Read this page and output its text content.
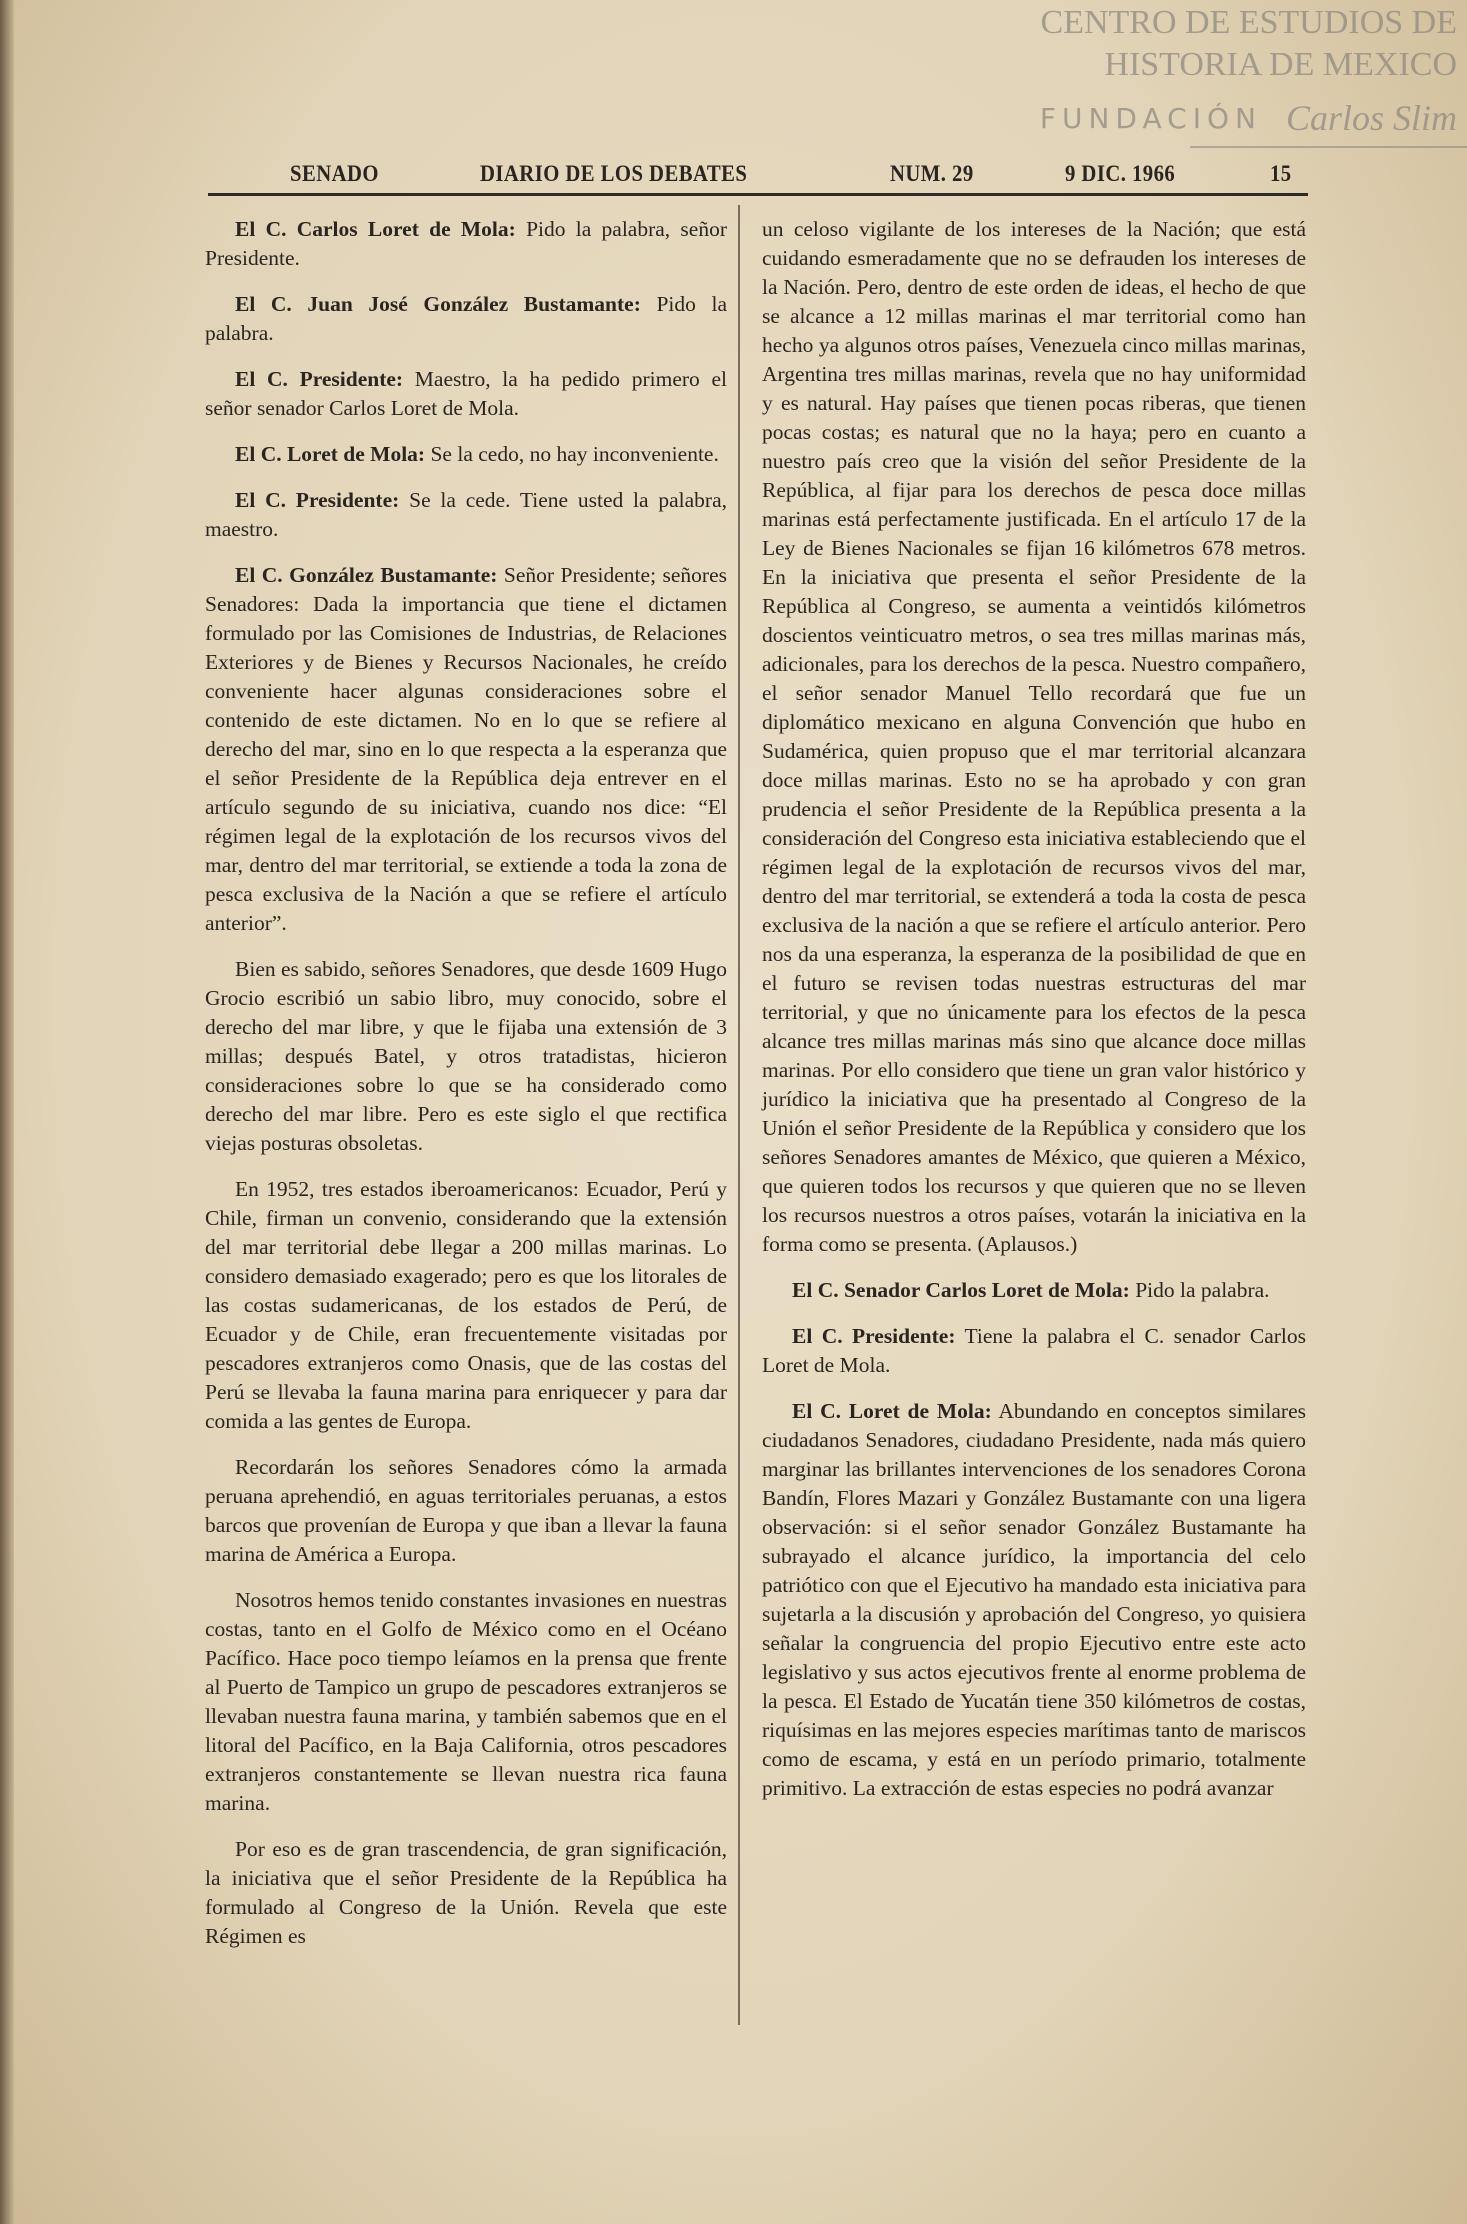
CENTRO DE ESTUDIOS DE HISTORIA DE MEXICO
FUNDACIÓN Carlos Slim
SENADO	DIARIO DE LOS DEBATES	NUM. 29	9 DIC. 1966	15

El C. Carlos Loret de Mola: Pido la palabra, señor Presidente.

El C. Juan José González Bustamante: Pido la palabra.

El C. Presidente: Maestro, la ha pedido primero el señor senador Carlos Loret de Mola.

El C. Loret de Mola: Se la cedo, no hay inconveniente.

El C. Presidente: Se la cede. Tiene usted la palabra, maestro.

El C. González Bustamante: Señor Presidente; señores Senadores: Dada la importancia que tiene el dictamen formulado por las Comisiones de Industrias, de Relaciones Exteriores y de Bienes y Recursos Nacionales, he creído conveniente hacer algunas consideraciones sobre el contenido de este dictamen. No en lo que se refiere al derecho del mar, sino en lo que respecta a la esperanza que el señor Presidente de la República deja entrever en el artículo segundo de su iniciativa, cuando nos dice: “El régimen legal de la explotación de los recursos vivos del mar, dentro del mar territorial, se extiende a toda la zona de pesca exclusiva de la Nación a que se refiere el artículo anterior”.

Bien es sabido, señores Senadores, que desde 1609 Hugo Grocio escribió un sabio libro, muy conocido, sobre el derecho del mar libre, y que le fijaba una extensión de 3 millas; después Batel, y otros tratadistas, hicieron consideraciones sobre lo que se ha considerado como derecho del mar libre. Pero es este siglo el que rectifica viejas posturas obsoletas.

En 1952, tres estados iberoamericanos: Ecuador, Perú y Chile, firman un convenio, considerando que la extensión del mar territorial debe llegar a 200 millas marinas. Lo considero demasiado exagerado; pero es que los litorales de las costas sudamericanas, de los estados de Perú, de Ecuador y de Chile, eran frecuentemente visitadas por pescadores extranjeros como Onasis, que de las costas del Perú se llevaba la fauna marina para enriquecer y para dar comida a las gentes de Europa.

Recordarán los señores Senadores cómo la armada peruana aprehendió, en aguas territoriales peruanas, a estos barcos que provenían de Europa y que iban a llevar la fauna marina de América a Europa.

Nosotros hemos tenido constantes invasiones en nuestras costas, tanto en el Golfo de México como en el Océano Pacífico. Hace poco tiempo leíamos en la prensa que frente al Puerto de Tampico un grupo de pescadores extranjeros se llevaban nuestra fauna marina, y también sabemos que en el litoral del Pacífico, en la Baja California, otros pescadores extranjeros constantemente se llevan nuestra rica fauna marina.

Por eso es de gran trascendencia, de gran significación, la iniciativa que el señor Presidente de la República ha formulado al Congreso de la Unión. Revela que este Régimen es

un celoso vigilante de los intereses de la Nación; que está cuidando esmeradamente que no se defrauden los intereses de la Nación. Pero, dentro de este orden de ideas, el hecho de que se alcance a 12 millas marinas el mar territorial como han hecho ya algunos otros países, Venezuela cinco millas marinas, Argentina tres millas marinas, revela que no hay uniformidad y es natural. Hay países que tienen pocas riberas, que tienen pocas costas; es natural que no la haya; pero en cuanto a nuestro país creo que la visión del señor Presidente de la República, al fijar para los derechos de pesca doce millas marinas está perfectamente justificada. En el artículo 17 de la Ley de Bienes Nacionales se fijan 16 kilómetros 678 metros. En la iniciativa que presenta el señor Presidente de la República al Congreso, se aumenta a veintidós kilómetros doscientos veinticuatro metros, o sea tres millas marinas más, adicionales, para los derechos de la pesca. Nuestro compañero, el señor senador Manuel Tello recordará que fue un diplomático mexicano en alguna Convención que hubo en Sudamérica, quien propuso que el mar territorial alcanzara doce millas marinas. Esto no se ha aprobado y con gran prudencia el señor Presidente de la República presenta a la consideración del Congreso esta iniciativa estableciendo que el régimen legal de la explotación de recursos vivos del mar, dentro del mar territorial, se extenderá a toda la costa de pesca exclusiva de la nación a que se refiere el artículo anterior. Pero nos da una esperanza, la esperanza de la posibilidad de que en el futuro se revisen todas nuestras estructuras del mar territorial, y que no únicamente para los efectos de la pesca alcance tres millas marinas más sino que alcance doce millas marinas. Por ello considero que tiene un gran valor histórico y jurídico la iniciativa que ha presentado al Congreso de la Unión el señor Presidente de la República y considero que los señores Senadores amantes de México, que quieren a México, que quieren todos los recursos y que quieren que no se lleven los recursos nuestros a otros países, votarán la iniciativa en la forma como se presenta. (Aplausos.)

El C. Senador Carlos Loret de Mola: Pido la palabra.

El C. Presidente: Tiene la palabra el C. senador Carlos Loret de Mola.

El C. Loret de Mola: Abundando en conceptos similares ciudadanos Senadores, ciudadano Presidente, nada más quiero marginar las brillantes intervenciones de los senadores Corona Bandín, Flores Mazari y González Bustamante con una ligera observación: si el señor senador González Bustamante ha subrayado el alcance jurídico, la importancia del celo patriótico con que el Ejecutivo ha mandado esta iniciativa para sujetarla a la discusión y aprobación del Congreso, yo quisiera señalar la congruencia del propio Ejecutivo entre este acto legislativo y sus actos ejecutivos frente al enorme problema de la pesca. El Estado de Yucatán tiene 350 kilómetros de costas, riquísimas en las mejores especies marítimas tanto de mariscos como de escama, y está en un período primario, totalmente primitivo. La extracción de estas especies no podrá avanzar
